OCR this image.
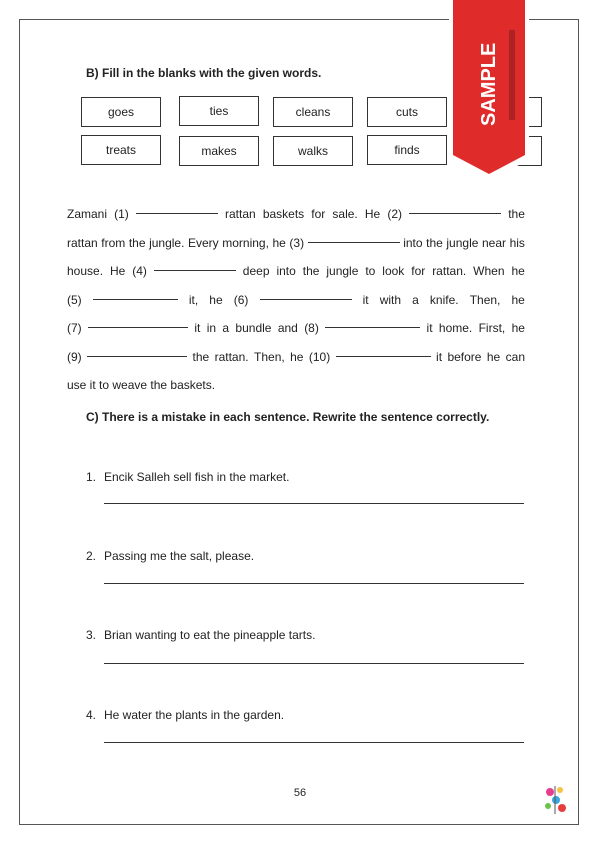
B) Fill in the blanks with the given words.
goes	ties	cleans	cuts
treats	makes	walks	finds
Zamani (1)	rattan baskets for sale. He (2)	the
rattan from the jungle. Every morning, he (3)	into the jungle near his
house. He (4)	deep into the jungle to look for rattan. When he
(5)	it, he (6)	it with a knife. Then, he
(7)	it in a bundle and (8)	it home. First, he
(9)	the rattan. Then, he (10)	it before he can
use it to weave the baskets.
C) There is a mistake in each sentence. Rewrite the sentence correctly.
1. Encik Salleh sell fish in the market.
2. Passing me the salt, please.
3. Brian wanting to eat the pineapple tarts.
4. He water the plants in the garden.
56
SAMPLE
